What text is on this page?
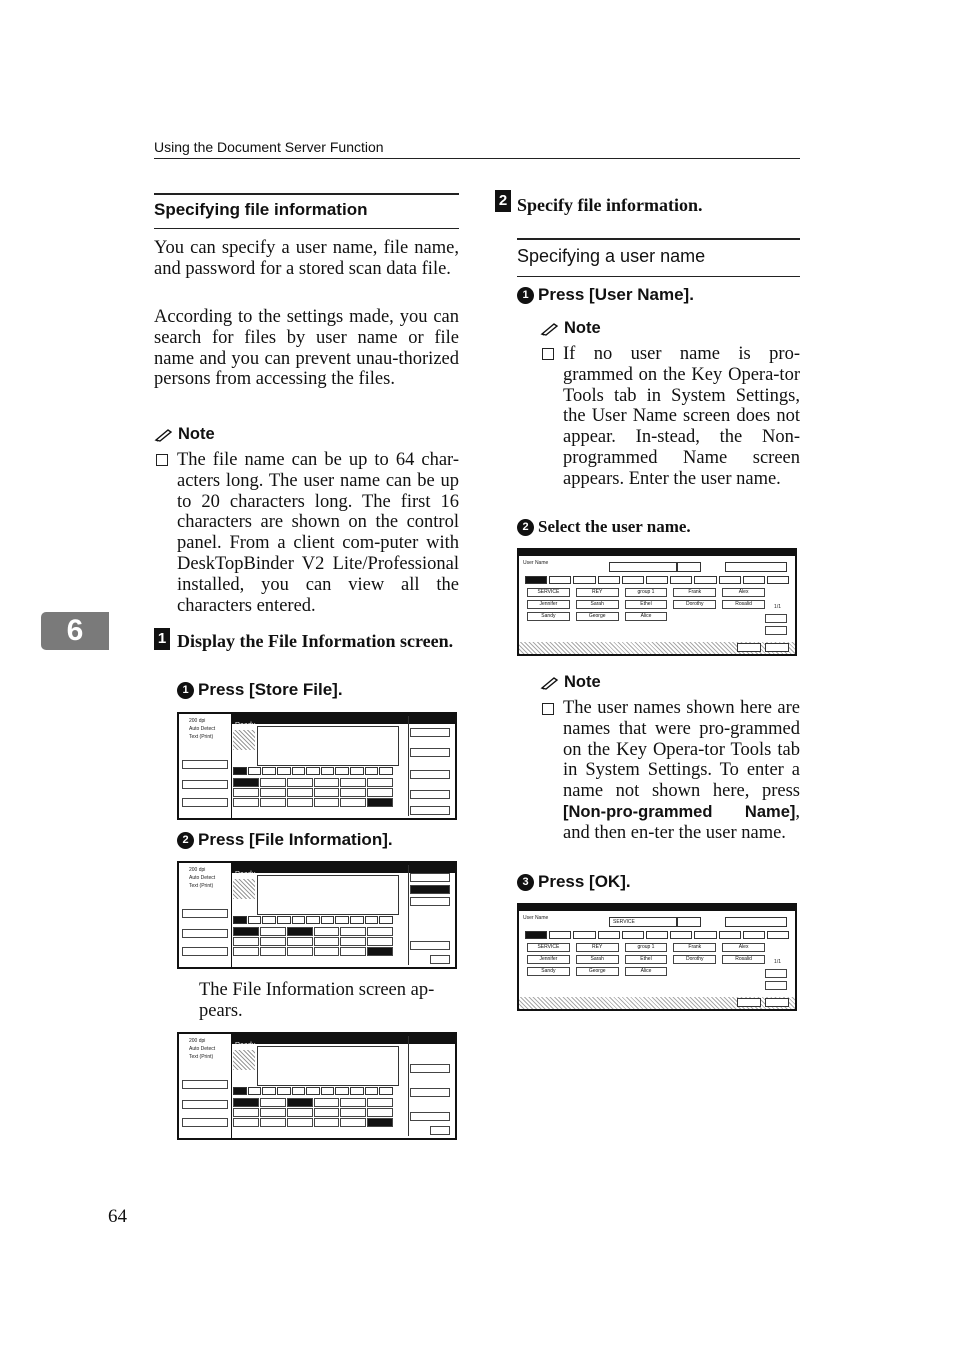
Using the Document Server Function
Specifying file information
You can specify a user name, file name, and password for a stored scan data file.
According to the settings made, you can search for files by user name or file name and you can prevent unau-thorized persons from accessing the files.
Note
The file name can be up to 64 char-acters long. The user name can be up to 20 characters long. The first 16 characters are shown on the control panel. From a client com-puter with DeskTopBinder V2 Lite/Professional installed, you can view all the characters entered.
6	1 Display the File Information screen.
1 Press [Store File].
200 dpi
Auto Detect
Text (Print)
Ready
2 Press [File Information].
200 dpi
Auto Detect
Text (Print)
Ready
The File Information screen ap-pears.
200 dpi
Auto Detect
Text (Print)
Ready
64
2 Specify file information.
Specifying a user name
1 Press [User Name].
Note
If no user name is pro-grammed on the Key Opera-tor Tools tab in System Settings, the User Name screen does not appear. In-stead, the Non-programmed Name screen appears. Enter the user name.
2 Select the user name.
User Name
SERVICE	REY	group 1	Frank	Alex
Jennifer	Sarah	Ethel	Dorothy	Rosalid
Sandy	George	Alice
1/1
Note
The user names shown here are names that were pro-grammed on the Key Opera-tor Tools tab in System Settings. To enter a name not shown here, press [Non-pro-grammed Name], and then en-ter the user name.
3 Press [OK].
User Name
SERVICE
SERVICE	REY	group 1	Frank	Alex
Jennifer	Sarah	Ethel	Dorothy	Rosalid
Sandy	George	Alice
1/1
